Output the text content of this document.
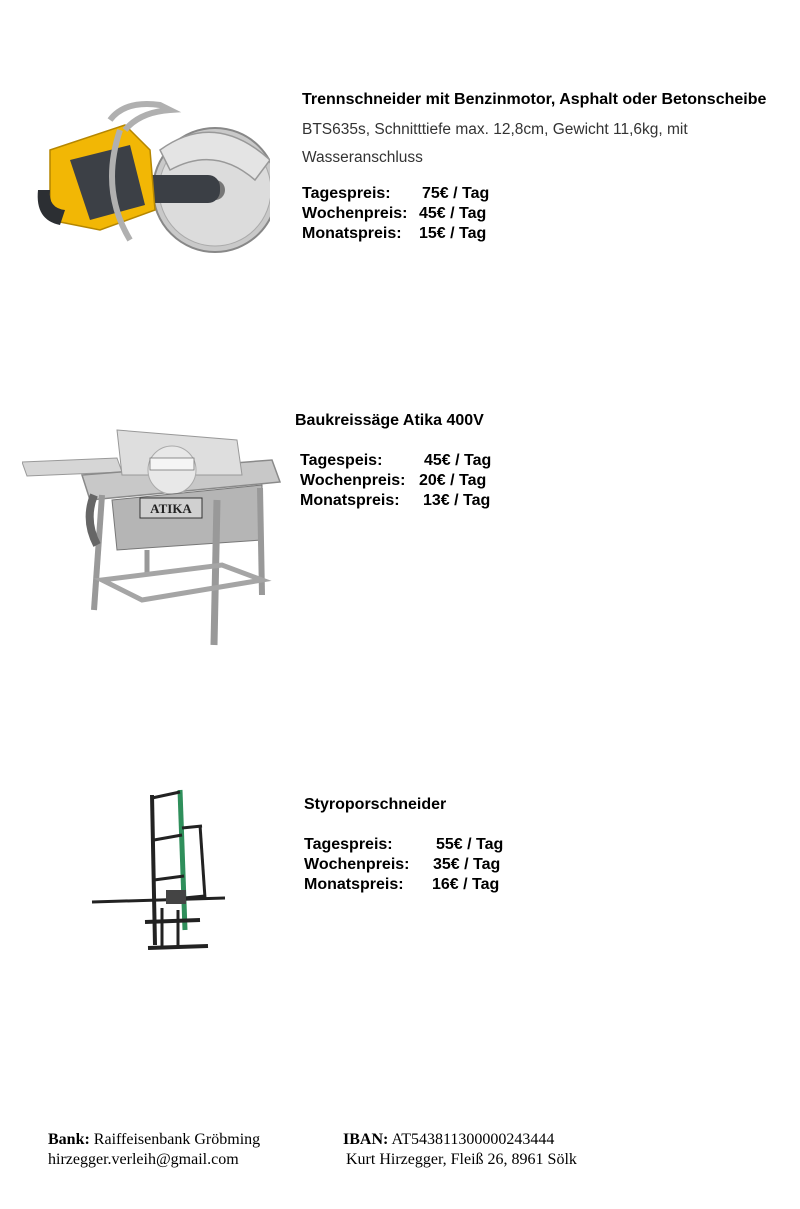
Trennschneider mit Benzinmotor, Asphalt oder Betonscheibe
BTS635s, Schnitttiefe max. 12,8cm, Gewicht 11,6kg, mit Wasseranschluss
Tagespreis:	75€ / Tag
Wochenpreis: 45€ / Tag
Monatspreis:	15€ / Tag
ATIKA
Baukreissäge Atika 400V
Tagespeis:	45€ / Tag
Wochenpreis: 20€ / Tag
Monatspreis:	13€ / Tag
Styroporschneider
Tagespreis:	55€ / Tag
Wochenpreis:	35€ / Tag
Monatspreis:	16€ / Tag
Bank: Raiffeisenbank Gröbming
hirzegger.verleih@gmail.com
IBAN: AT543811300000243444
Kurt Hirzegger, Fleiß 26, 8961 Sölk
